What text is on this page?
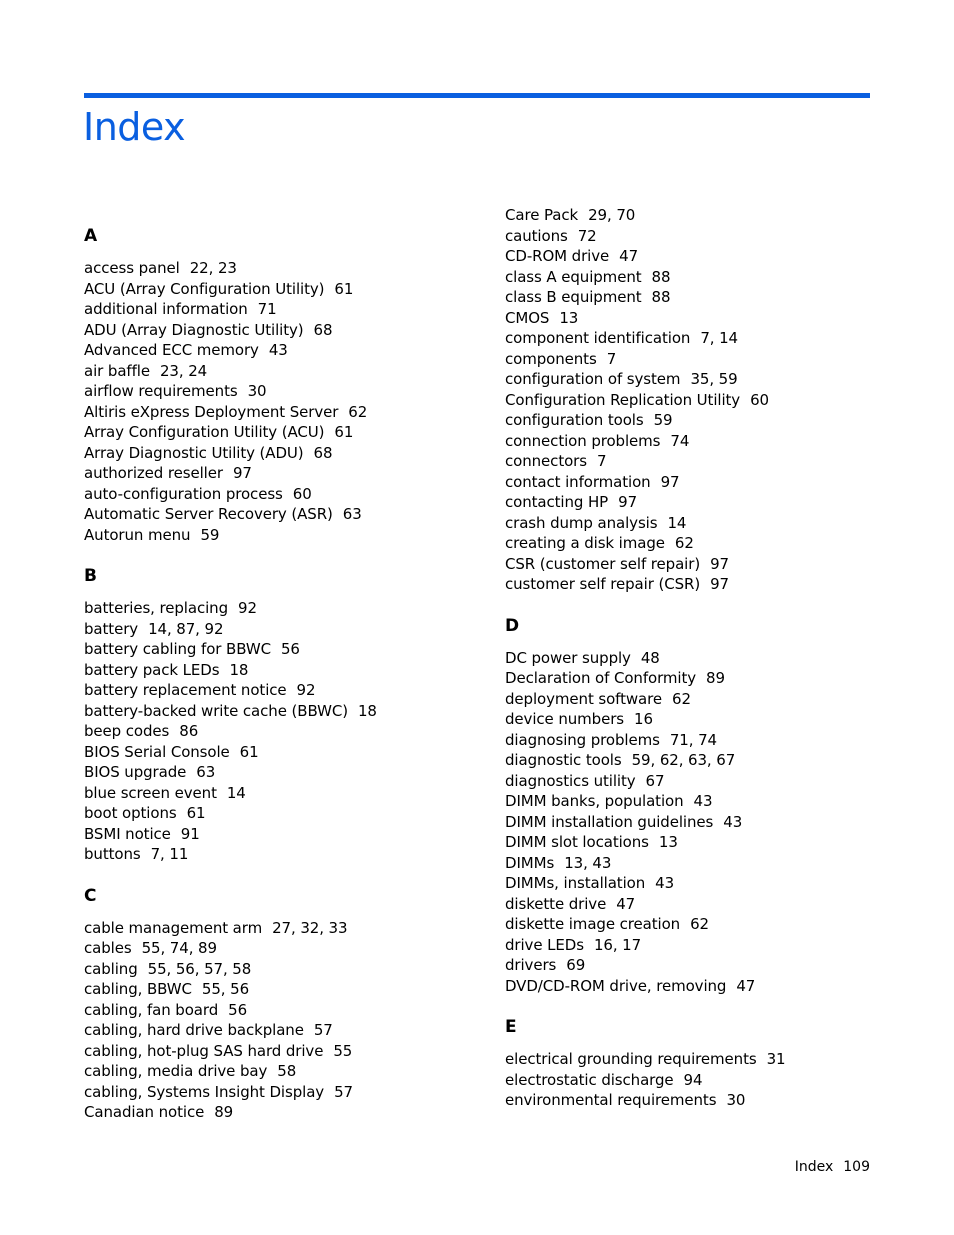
Index
A
access panel 22, 23
ACU (Array Configuration Utility) 61
additional information 71
ADU (Array Diagnostic Utility) 68
Advanced ECC memory 43
air baffle 23, 24
airflow requirements 30
Altiris eXpress Deployment Server 62
Array Configuration Utility (ACU) 61
Array Diagnostic Utility (ADU) 68
authorized reseller 97
auto-configuration process 60
Automatic Server Recovery (ASR) 63
Autorun menu 59
B
batteries, replacing 92
battery 14, 87, 92
battery cabling for BBWC 56
battery pack LEDs 18
battery replacement notice 92
battery-backed write cache (BBWC) 18
beep codes 86
BIOS Serial Console 61
BIOS upgrade 63
blue screen event 14
boot options 61
BSMI notice 91
buttons 7, 11
C
cable management arm 27, 32, 33
cables 55, 74, 89
cabling 55, 56, 57, 58
cabling, BBWC 55, 56
cabling, fan board 56
cabling, hard drive backplane 57
cabling, hot-plug SAS hard drive 55
cabling, media drive bay 58
cabling, Systems Insight Display 57
Canadian notice 89
Care Pack 29, 70
cautions 72
CD-ROM drive 47
class A equipment 88
class B equipment 88
CMOS 13
component identification 7, 14
components 7
configuration of system 35, 59
Configuration Replication Utility 60
configuration tools 59
connection problems 74
connectors 7
contact information 97
contacting HP 97
crash dump analysis 14
creating a disk image 62
CSR (customer self repair) 97
customer self repair (CSR) 97
D
DC power supply 48
Declaration of Conformity 89
deployment software 62
device numbers 16
diagnosing problems 71, 74
diagnostic tools 59, 62, 63, 67
diagnostics utility 67
DIMM banks, population 43
DIMM installation guidelines 43
DIMM slot locations 13
DIMMs 13, 43
DIMMs, installation 43
diskette drive 47
diskette image creation 62
drive LEDs 16, 17
drivers 69
DVD/CD-ROM drive, removing 47
E
electrical grounding requirements 31
electrostatic discharge 94
environmental requirements 30
Index 109
